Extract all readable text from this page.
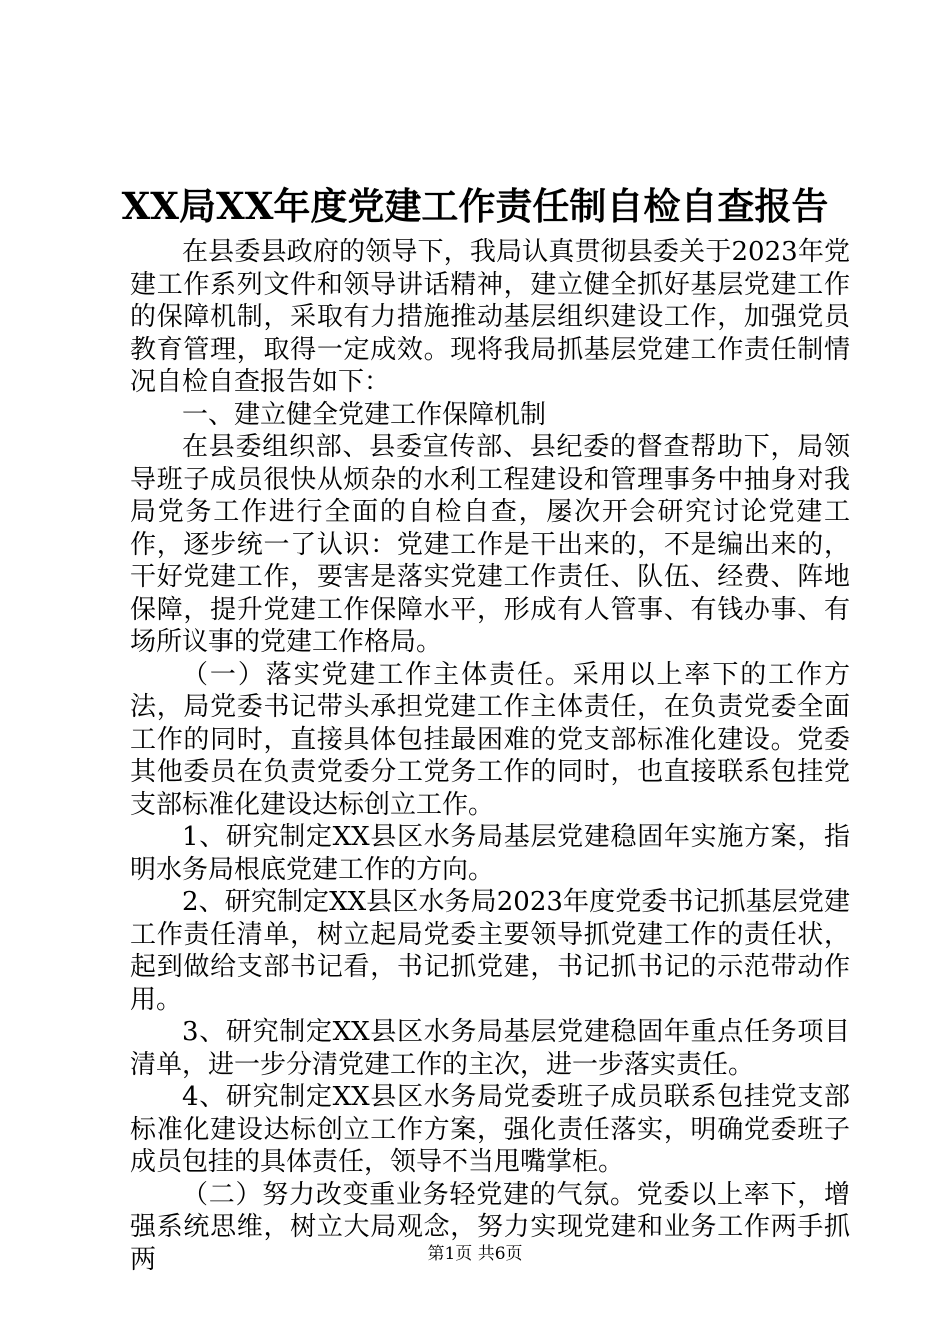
XX局XX年度党建工作责任制自检自查报告

在县委县政府的领导下，我局认真贯彻县委关于2023年党建工作系列文件和领导讲话精神，建立健全抓好基层党建工作的保障机制，采取有力措施推动基层组织建设工作，加强党员教育管理，取得一定成效。现将我局抓基层党建工作责任制情况自检自查报告如下：

一、建立健全党建工作保障机制

在县委组织部、县委宣传部、县纪委的督查帮助下，局领导班子成员很快从烦杂的水利工程建设和管理事务中抽身对我局党务工作进行全面的自检自查，屡次开会研究讨论党建工作，逐步统一了认识：党建工作是干出来的，不是编出来的，干好党建工作，要害是落实党建工作责任、队伍、经费、阵地保障，提升党建工作保障水平，形成有人管事、有钱办事、有场所议事的党建工作格局。

（一）落实党建工作主体责任。采用以上率下的工作方法，局党委书记带头承担党建工作主体责任，在负责党委全面工作的同时，直接具体包挂最困难的党支部标准化建设。党委其他委员在负责党委分工党务工作的同时，也直接联系包挂党支部标准化建设达标创立工作。

1、研究制定XX县区水务局基层党建稳固年实施方案，指明水务局根底党建工作的方向。

2、研究制定XX县区水务局2023年度党委书记抓基层党建工作责任清单，树立起局党委主要领导抓党建工作的责任状，起到做给支部书记看，书记抓党建，书记抓书记的示范带动作用。

3、研究制定XX县区水务局基层党建稳固年重点任务项目清单，进一步分清党建工作的主次，进一步落实责任。

4、研究制定XX县区水务局党委班子成员联系包挂党支部标准化建设达标创立工作方案，强化责任落实，明确党委班子成员包挂的具体责任，领导不当甩嘴掌柜。

（二）努力改变重业务轻党建的气氛。党委以上率下，增强系统思维，树立大局观念，努力实现党建和业务工作两手抓两	第1页 共6页
